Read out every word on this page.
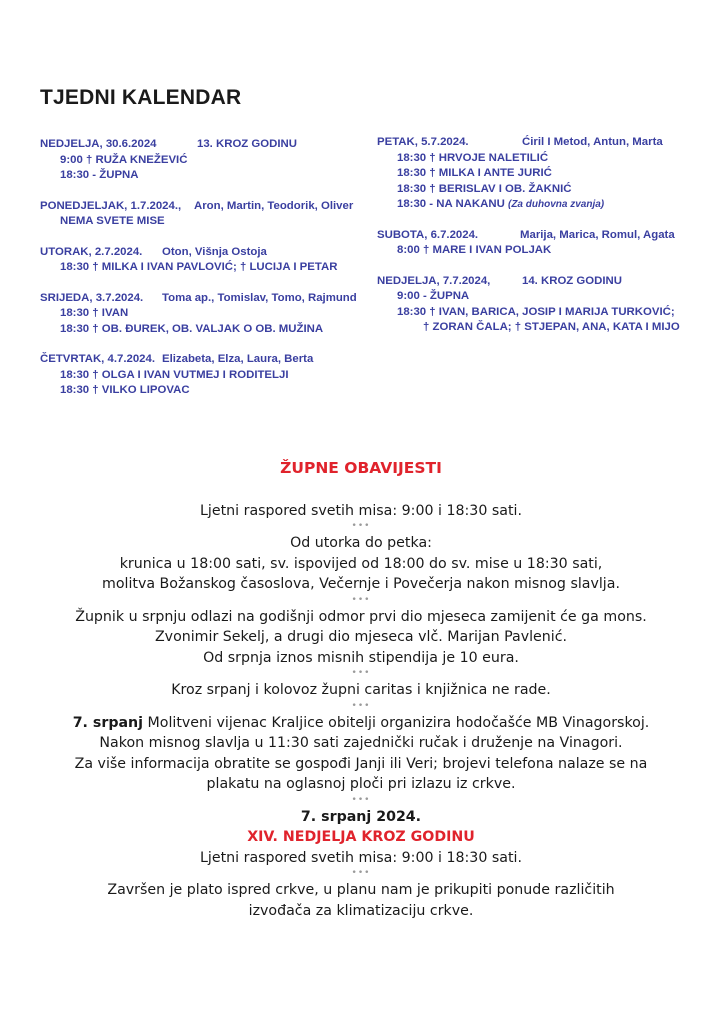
TJEDNI KALENDAR
NEDJELJA, 30.6.2024	13. KROZ GODINU
9:00 † RUŽA KNEŽEVIĆ
18:30 - ŽUPNA
PONEDJELJAK, 1.7.2024., Aron, Martin, Teodorik, Oliver
NEMA SVETE MISE
UTORAK, 2.7.2024. Oton, Višnja Ostoja
18:30 † MILKA I IVAN PAVLOVIĆ; † LUCIJA I PETAR
SRIJEDA, 3.7.2024. Toma ap., Tomislav, Tomo, Rajmund
18:30 † IVAN
18:30 † OB. ĐUREK, OB. VALJAK O OB. MUŽINA
ČETVRTAK, 4.7.2024. Elizabeta, Elza, Laura, Berta
18:30 † OLGA I IVAN VUTMEJ I RODITELJI
18:30 † VILKO LIPOVAC
PETAK, 5.7.2024.	Ćiril I Metod, Antun, Marta
18:30 † HRVOJE NALETILIĆ
18:30 † MILKA I ANTE JURIĆ
18:30 † BERISLAV I OB. ŽAKNIĆ
18:30 - NA NAKANU (Za duhovna zvanja)
SUBOTA, 6.7.2024.	Marija, Marica, Romul, Agata
8:00 † MARE I IVAN POLJAK
NEDJELJA, 7.7.2024,	14. KROZ GODINU
9:00 - ŽUPNA
18:30 † IVAN, BARICA, JOSIP I MARIJA TURKOVIĆ;
† ZORAN ČALA; † STJEPAN, ANA, KATA I MIJO
ŽUPNE OBAVIJESTI
Ljetni raspored svetih misa: 9:00 i 18:30 sati.
•••
Od utorka do petka:
krunica u 18:00 sati, sv. ispovijed od 18:00 do sv. mise u 18:30 sati,
molitva Božanskog časoslova, Večernje i Povečerja nakon misnog slavlja.
•••
Župnik u srpnju odlazi na godišnji odmor prvi dio mjeseca zamijenit će ga mons.
Zvonimir Sekelj, a drugi dio mjeseca vlč. Marijan Pavlenić.
Od srpnja iznos misnih stipendija je 10 eura.
•••
Kroz srpanj i kolovoz župni caritas i knjižnica ne rade.
•••
7. srpanj Molitveni vijenac Kraljice obitelji organizira hodočašće MB Vinagorskoj.
Nakon misnog slavlja u 11:30 sati zajednički ručak i druženje na Vinagori.
Za više informacija obratite se gospođi Janji ili Veri; brojevi telefona nalaze se na
plakatu na oglasnoj ploči pri izlazu iz crkve.
•••
7. srpanj 2024.
XIV. NEDJELJA KROZ GODINU
Ljetni raspored svetih misa: 9:00 i 18:30 sati.
•••
Završen je plato ispred crkve, u planu nam je prikupiti ponude različitih
izvođača za klimatizaciju crkve.
